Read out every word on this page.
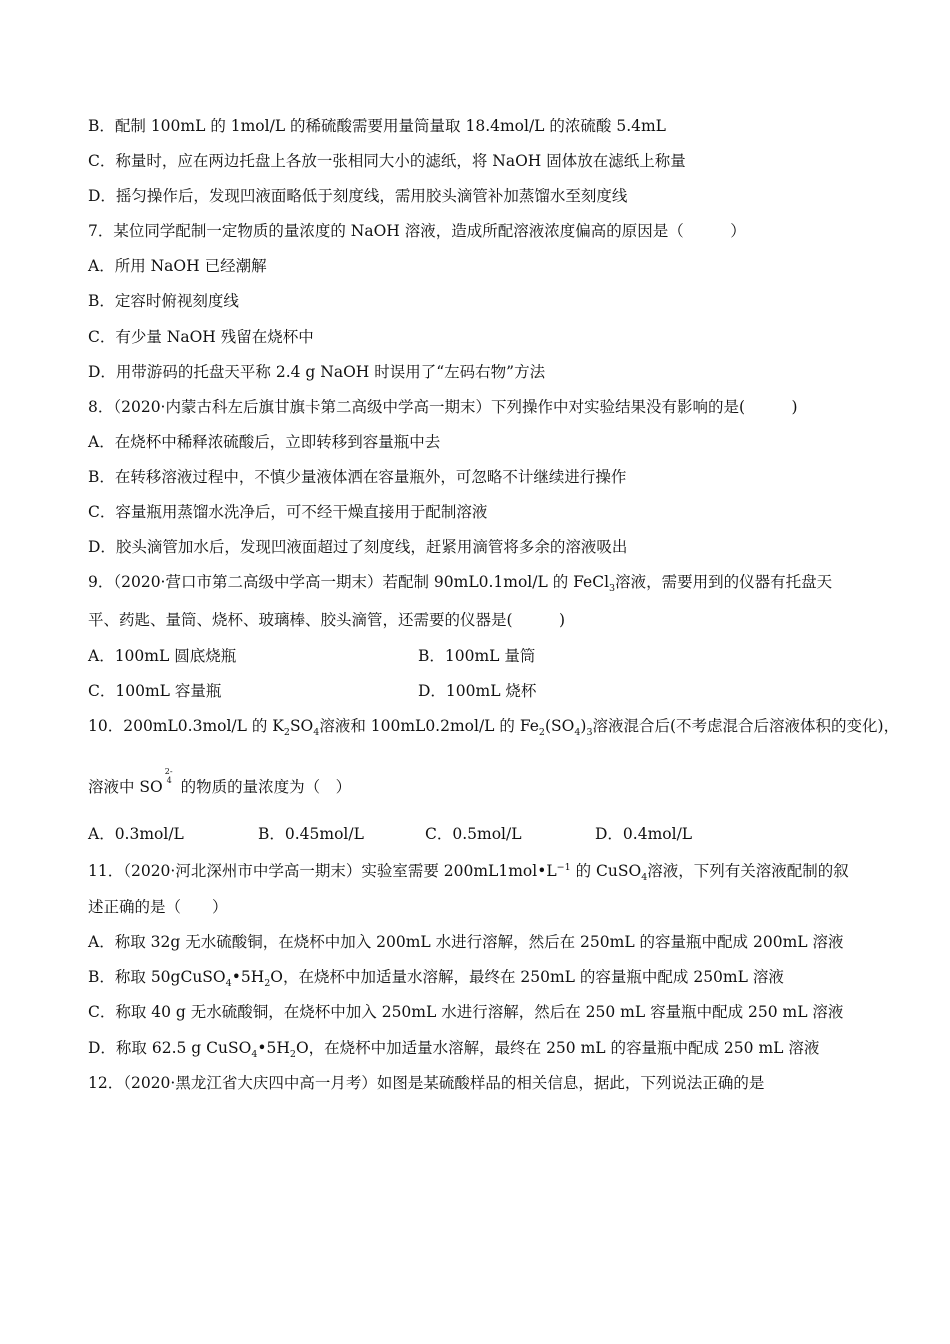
B．配制 100mL 的 1mol/L 的稀硫酸需要用量筒量取 18.4mol/L 的浓硫酸 5.4mL
C．称量时，应在两边托盘上各放一张相同大小的滤纸，将 NaOH 固体放在滤纸上称量
D．摇匀操作后，发现凹液面略低于刻度线，需用胶头滴管补加蒸馏水至刻度线
7．某位同学配制一定物质的量浓度的 NaOH 溶液，造成所配溶液浓度偏高的原因是（　　　）
A．所用 NaOH 已经潮解
B．定容时俯视刻度线
C．有少量 NaOH 残留在烧杯中
D．用带游码的托盘天平称 2.4 g NaOH 时误用了“左码右物”方法
8．（2020·内蒙古科左后旗甘旗卡第二高级中学高一期末）下列操作中对实验结果没有影响的是(　　　)
A．在烧杯中稀释浓硫酸后，立即转移到容量瓶中去
B．在转移溶液过程中，不慎少量液体洒在容量瓶外，可忽略不计继续进行操作
C．容量瓶用蒸馏水洗净后，可不经干燥直接用于配制溶液
D．胶头滴管加水后，发现凹液面超过了刻度线，赶紧用滴管将多余的溶液吸出
9．（2020·营口市第二高级中学高一期末）若配制 90mL0.1mol/L 的 FeCl$_3$溶液，需要用到的仪器有托盘天
平、药匙、量筒、烧杯、玻璃棒、胶头滴管，还需要的仪器是(　　　)
A．100mL 圆底烧瓶	B．100mL 量筒
C．100mL 容量瓶	D．100mL 烧杯
10．200mL0.3mol/L 的 $K_2SO_4$溶液和 100mL0.2mol/L 的 $Fe_2(SO_4)_3$溶液混合后(不考虑混合后溶液体积的变化)，
溶液中 SO$^{2-4}$ 的物质的量浓度为（　）
A．0.3mol/L	B．0.45mol/L	C．0.5mol/L	D．0.4mol/L
11．（2020·河北深州市中学高一期末）实验室需要 $200mL1mol•L^{-1}$ 的 CuSO$_4$溶液，下列有关溶液配制的叙
述正确的是（　　）
A．称取 32g 无水硫酸铜，在烧杯中加入 200mL 水进行溶解，然后在 250mL 的容量瓶中配成 200mL 溶液
B．称取 $50gCuSO_4•5H_2O$，在烧杯中加适量水溶解，最终在 250mL 的容量瓶中配成 250mL 溶液
C．称取 40 g 无水硫酸铜，在烧杯中加入 250mL 水进行溶解，然后在 250 mL 容量瓶中配成 250 mL 溶液
D．称取 62.5 g $CuSO_4•5H_2O$，在烧杯中加适量水溶解，最终在 250 mL 的容量瓶中配成 250 mL 溶液
12．（2020·黑龙江省大庆四中高一月考）如图是某硫酸样品的相关信息，据此，下列说法正确的是
